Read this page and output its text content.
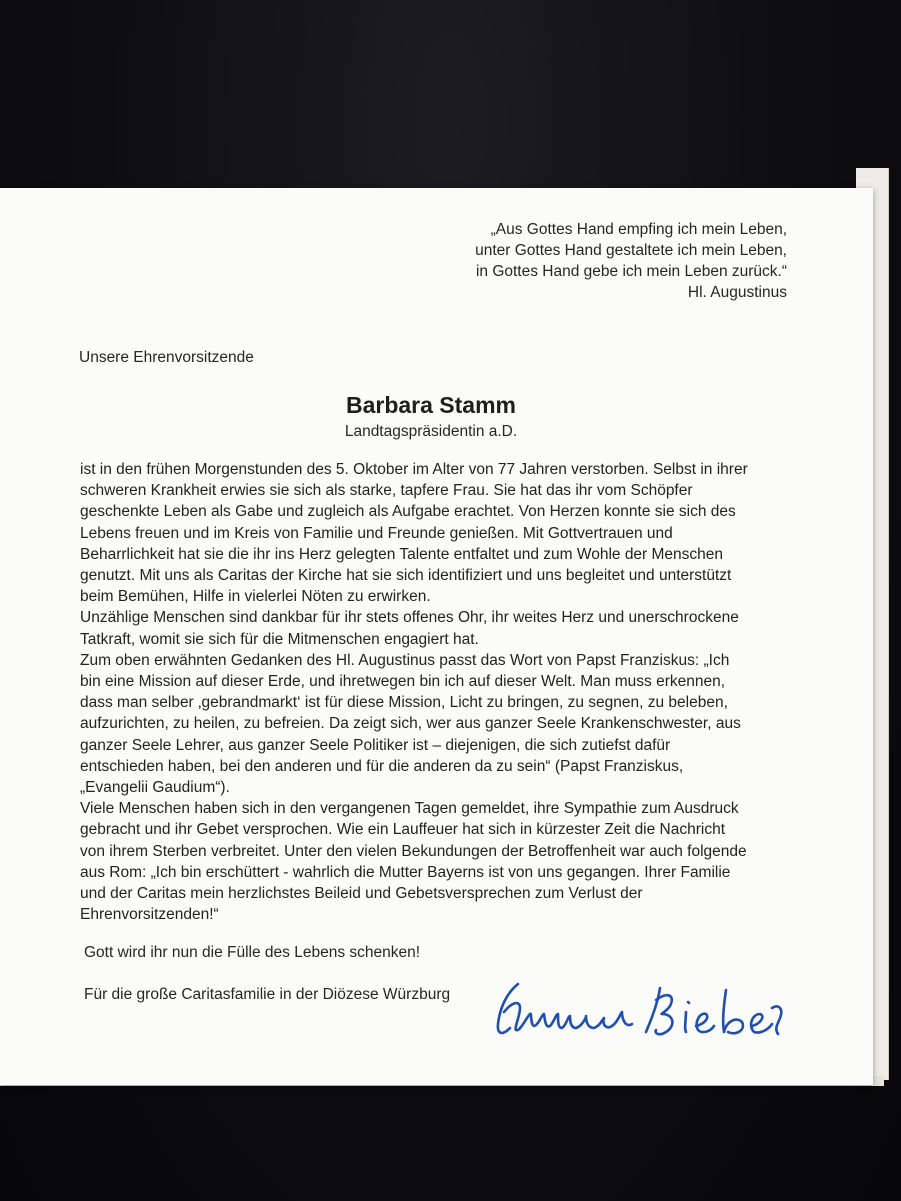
„Aus Gottes Hand empfing ich mein Leben,
unter Gottes Hand gestaltete ich mein Leben,
in Gottes Hand gebe ich mein Leben zurück.“
Hl. Augustinus
Unsere Ehrenvorsitzende
Barbara Stamm
Landtagspräsidentin a.D.
ist in den frühen Morgenstunden des 5. Oktober im Alter von 77 Jahren verstorben. Selbst in ihrer
schweren Krankheit erwies sie sich als starke, tapfere Frau. Sie hat das ihr vom Schöpfer
geschenkte Leben als Gabe und zugleich als Aufgabe erachtet. Von Herzen konnte sie sich des
Lebens freuen und im Kreis von Familie und Freunde genießen. Mit Gottvertrauen und
Beharrlichkeit hat sie die ihr ins Herz gelegten Talente entfaltet und zum Wohle der Menschen
genutzt. Mit uns als Caritas der Kirche hat sie sich identifiziert und uns begleitet und unterstützt
beim Bemühen, Hilfe in vielerlei Nöten zu erwirken.
Unzählige Menschen sind dankbar für ihr stets offenes Ohr, ihr weites Herz und unerschrockene
Tatkraft, womit sie sich für die Mitmenschen engagiert hat.
Zum oben erwähnten Gedanken des Hl. Augustinus passt das Wort von Papst Franziskus: „Ich
bin eine Mission auf dieser Erde, und ihretwegen bin ich auf dieser Welt. Man muss erkennen,
dass man selber ‚gebrandmarkt‘ ist für diese Mission, Licht zu bringen, zu segnen, zu beleben,
aufzurichten, zu heilen, zu befreien. Da zeigt sich, wer aus ganzer Seele Krankenschwester, aus
ganzer Seele Lehrer, aus ganzer Seele Politiker ist – diejenigen, die sich zutiefst dafür
entschieden haben, bei den anderen und für die anderen da zu sein“ (Papst Franziskus,
„Evangelii Gaudium“).
Viele Menschen haben sich in den vergangenen Tagen gemeldet, ihre Sympathie zum Ausdruck
gebracht und ihr Gebet versprochen. Wie ein Lauffeuer hat sich in kürzester Zeit die Nachricht
von ihrem Sterben verbreitet. Unter den vielen Bekundungen der Betroffenheit war auch folgende
aus Rom: „Ich bin erschüttert - wahrlich die Mutter Bayerns ist von uns gegangen. Ihrer Familie
und der Caritas mein herzlichstes Beileid und Gebetsversprechen zum Verlust der
Ehrenvorsitzenden!“
Gott wird ihr nun die Fülle des Lebens schenken!
Für die große Caritasfamilie in der Diözese Würzburg
